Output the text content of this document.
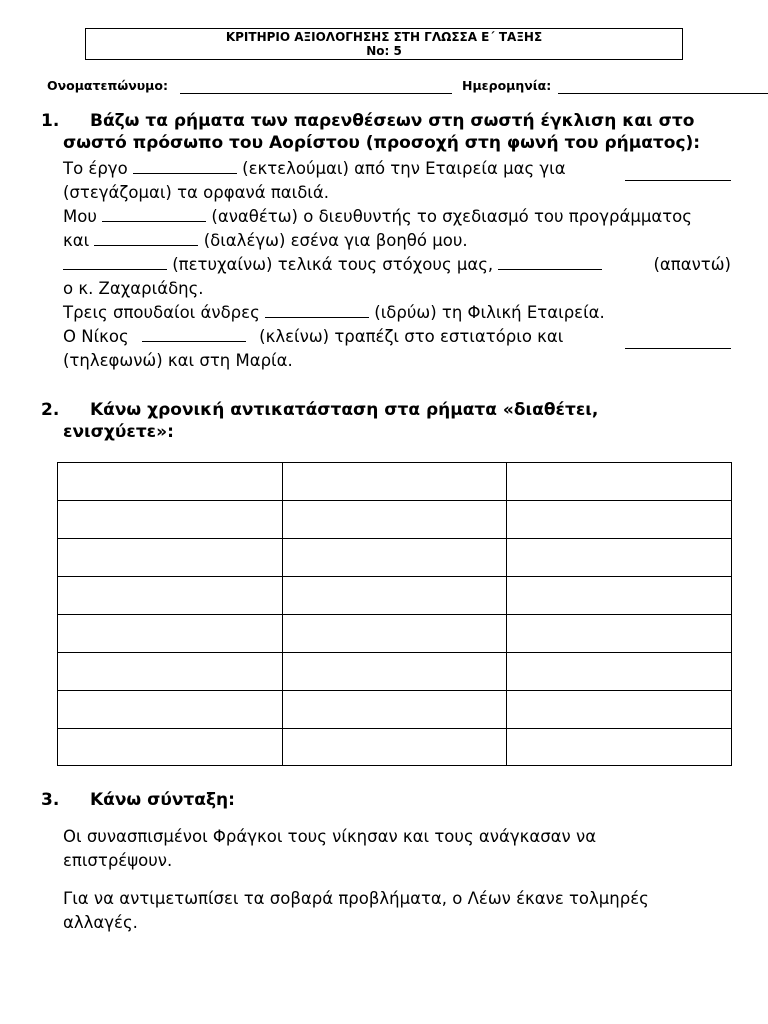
ΚΡΙΤΗΡΙΟ ΑΞΙΟΛΟΓΗΣΗΣ ΣΤΗ ΓΛΩΣΣΑ Ε΄ ΤΑΞΗΣ
Νο: 5
Ονοματεπώνυμο:	Ημερομηνία:
1. Βάζω τα ρήματα των παρενθέσεων στη σωστή έγκλιση και στο
σωστό πρόσωπο του Αορίστου (προσοχή στη φωνή του ρήματος):
Το έργο	(εκτελούμαι) από την Εταιρεία μας για
(στεγάζομαι) τα ορφανά παιδιά.
Μου	(αναθέτω) ο διευθυντής το σχεδιασμό του προγράμματος
και	(διαλέγω) εσένα για βοηθό μου.
(πετυχαίνω) τελικά τους στόχους μας,	(απαντώ)
ο κ. Ζαχαριάδης.
Τρεις σπουδαίοι άνδρες	(ιδρύω) τη Φιλική Εταιρεία.
Ο Νίκος	(κλείνω) τραπέζι στο εστιατόριο και
(τηλεφωνώ) και στη Μαρία.
2. Κάνω χρονική αντικατάσταση στα ρήματα «διαθέτει,
ενισχύετε»:

3. Κάνω σύνταξη:
Οι συνασπισμένοι Φράγκοι τους νίκησαν και τους ανάγκασαν να
επιστρέψουν.
Για να αντιμετωπίσει τα σοβαρά προβλήματα, ο Λέων έκανε τολμηρές
αλλαγές.
